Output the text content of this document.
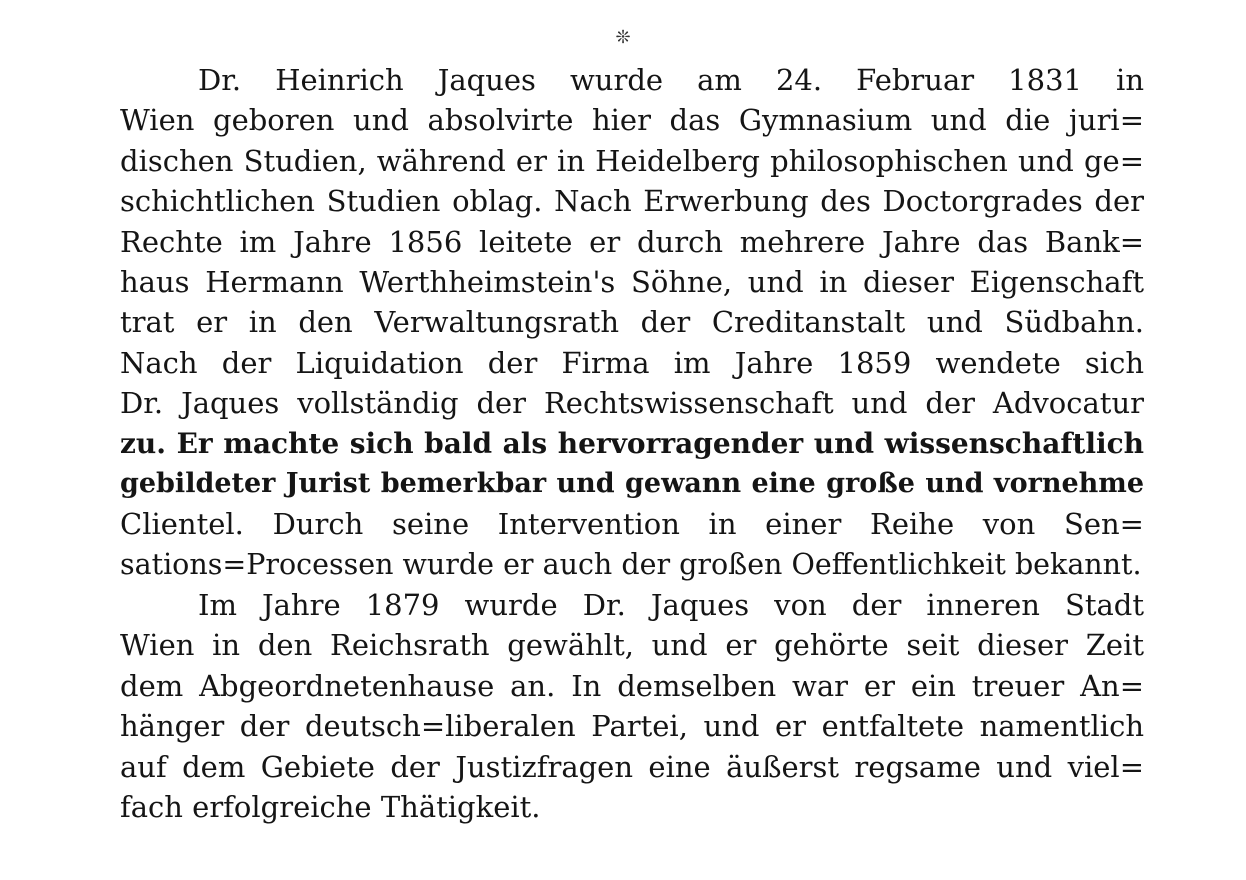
❊
Dr. Heinrich Jaques wurde am 24. Februar 1831 in
Wien geboren und absolvirte hier das Gymnasium und die juri=
dischen Studien, während er in Heidelberg philosophischen und ge=
schichtlichen Studien oblag. Nach Erwerbung des Doctorgrades der
Rechte im Jahre 1856 leitete er durch mehrere Jahre das Bank=
haus Hermann Werthheimstein's Söhne, und in dieser Eigenschaft
trat er in den Verwaltungsrath der Creditanstalt und Südbahn.
Nach der Liquidation der Firma im Jahre 1859 wendete sich
Dr. Jaques vollständig der Rechtswissenschaft und der Advocatur
zu. Er machte sich bald als hervorragender und wissenschaftlich
gebildeter Jurist bemerkbar und gewann eine große und vornehme
Clientel. Durch seine Intervention in einer Reihe von Sen=
sations=Processen wurde er auch der großen Oeffentlichkeit bekannt.
Im Jahre 1879 wurde Dr. Jaques von der inneren Stadt
Wien in den Reichsrath gewählt, und er gehörte seit dieser Zeit
dem Abgeordnetenhause an. In demselben war er ein treuer An=
hänger der deutsch=liberalen Partei, und er entfaltete namentlich
auf dem Gebiete der Justizfragen eine äußerst regsame und viel=
fach erfolgreiche Thätigkeit.
